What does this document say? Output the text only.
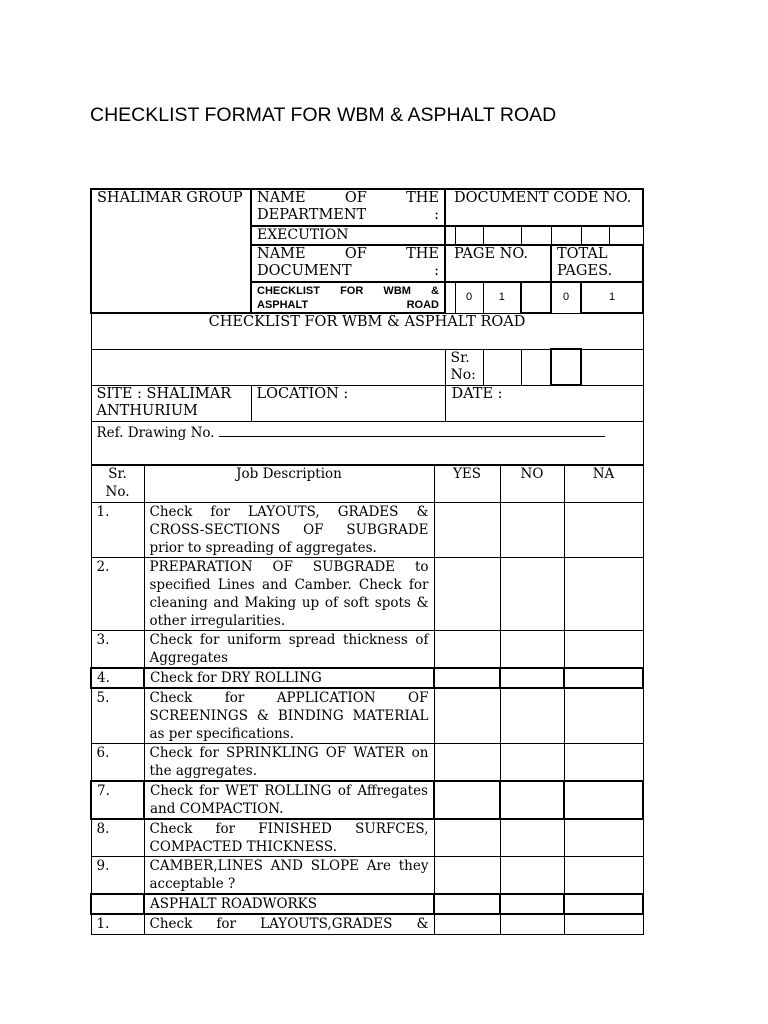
CHECKLIST FORMAT FOR WBM & ASPHALT ROAD
SHALIMAR GROUP	NAME OF THE DEPARTMENT :	DOCUMENT CODE NO.						
	EXECUTION							
	NAME OF THE DOCUMENT :	PAGE NO.				TOTAL PAGES.		
	CHECKLIST FOR WBM & ASPHALT ROAD		0	1		0	1	
CHECKLIST FOR WBM & ASPHALT ROAD								
		Sr. No:						
SITE : SHALIMAR ANTHURIUM	LOCATION :	DATE :						
Ref. Drawing No.								
Sr. No.	Job Description	YES	NO	NA
1.	Check for LAYOUTS, GRADES & CROSS-SECTIONS OF SUBGRADE prior to spreading of aggregates.			
2.	PREPARATION OF SUBGRADE to specified Lines and Camber. Check for cleaning and Making up of soft spots & other irregularities.			
3.	Check for uniform spread thickness of Aggregates			
4.	Check for DRY ROLLING			
5.	Check for APPLICATION OF SCREENINGS & BINDING MATERIAL as per specifications.			
6.	Check for SPRINKLING OF WATER on the aggregates.			
7.	Check for WET ROLLING of Affregates and COMPACTION.			
8.	Check for FINISHED SURFCES, COMPACTED THICKNESS.			
9.	CAMBER,LINES AND SLOPE Are they acceptable ?			
	ASPHALT ROADWORKS			
1.	Check for LAYOUTS,GRADES &			
